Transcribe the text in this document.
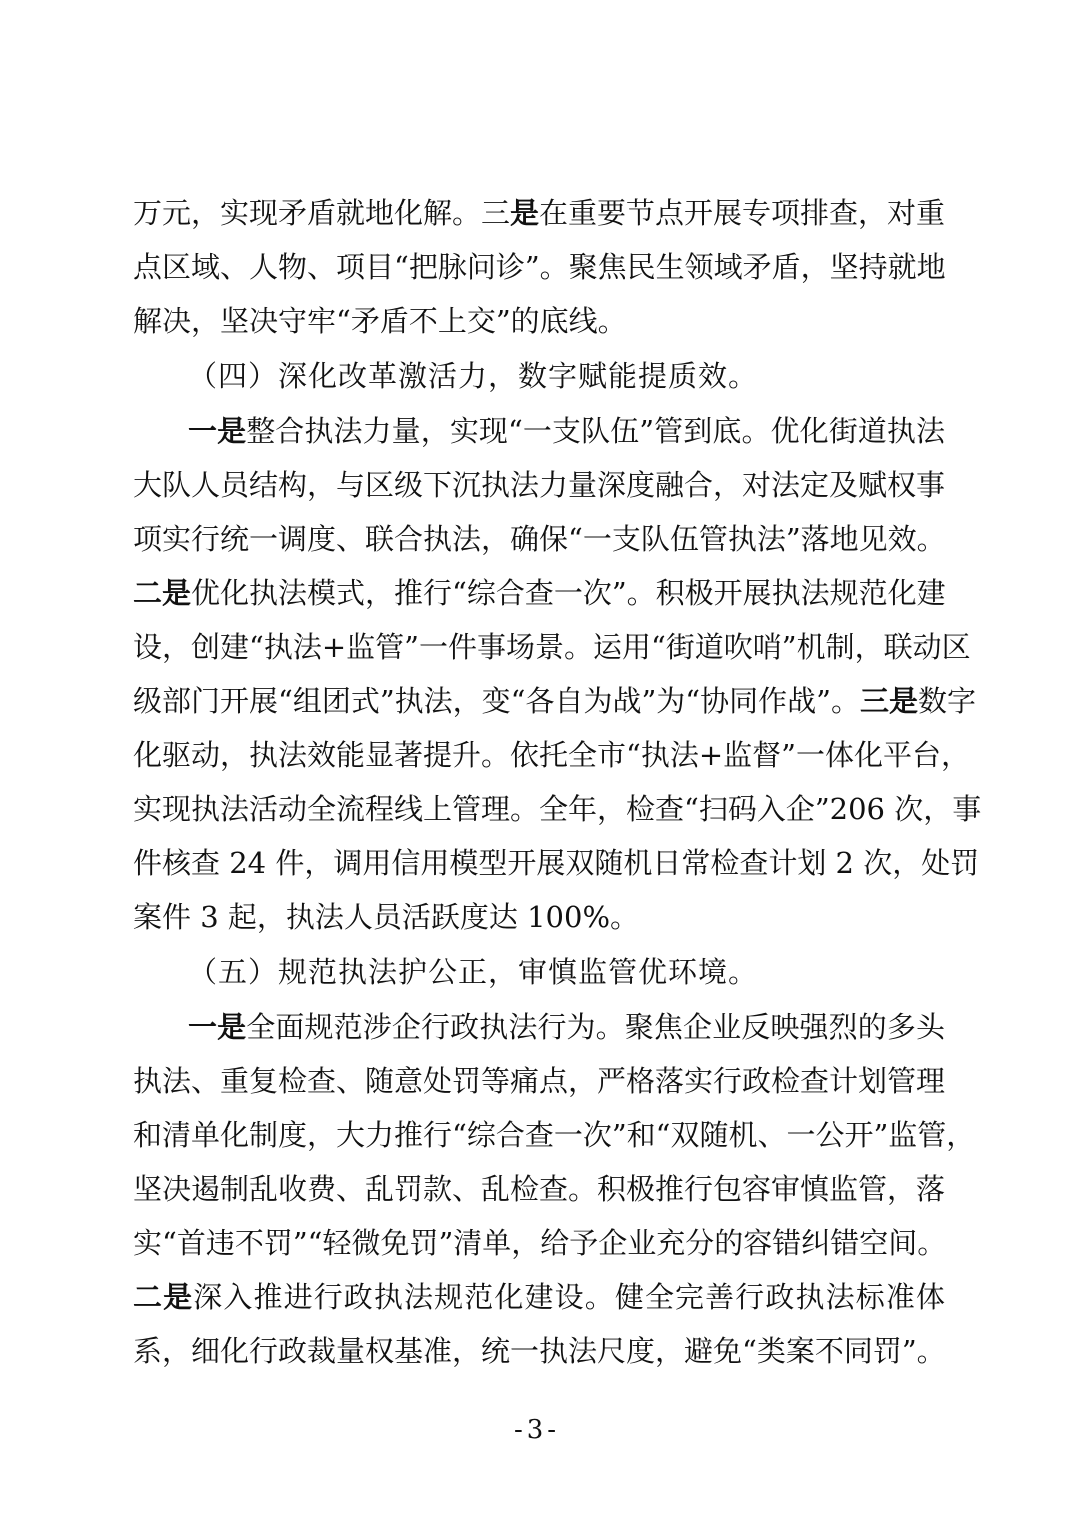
万元，实现矛盾就地化解。三是在重要节点开展专项排查，对重
点区域、人物、项目“把脉问诊”。聚焦民生领域矛盾，坚持就地
解决，坚决守牢“矛盾不上交”的底线。
（四）深化改革激活力，数字赋能提质效。
一是整合执法力量，实现“一支队伍”管到底。优化街道执法
大队人员结构，与区级下沉执法力量深度融合，对法定及赋权事
项实行统一调度、联合执法，确保“一支队伍管执法”落地见效。
二是优化执法模式，推行“综合查一次”。积极开展执法规范化建
设，创建“执法+监管”一件事场景。运用“街道吹哨”机制，联动区
级部门开展“组团式”执法，变“各自为战”为“协同作战”。三是数字
化驱动，执法效能显著提升。依托全市“执法+监督”一体化平台，
实现执法活动全流程线上管理。全年，检查“扫码入企”206 次，事
件核查 24 件，调用信用模型开展双随机日常检查计划 2 次，处罚
案件 3 起，执法人员活跃度达 100%。
（五）规范执法护公正，审慎监管优环境。
一是全面规范涉企行政执法行为。聚焦企业反映强烈的多头
执法、重复检查、随意处罚等痛点，严格落实行政检查计划管理
和清单化制度，大力推行“综合查一次”和“双随机、一公开”监管，
坚决遏制乱收费、乱罚款、乱检查。积极推行包容审慎监管，落
实“首违不罚”“轻微免罚”清单，给予企业充分的容错纠错空间。
二是深入推进行政执法规范化建设。健全完善行政执法标准体
系，细化行政裁量权基准，统一执法尺度，避免“类案不同罚”。
-3-
